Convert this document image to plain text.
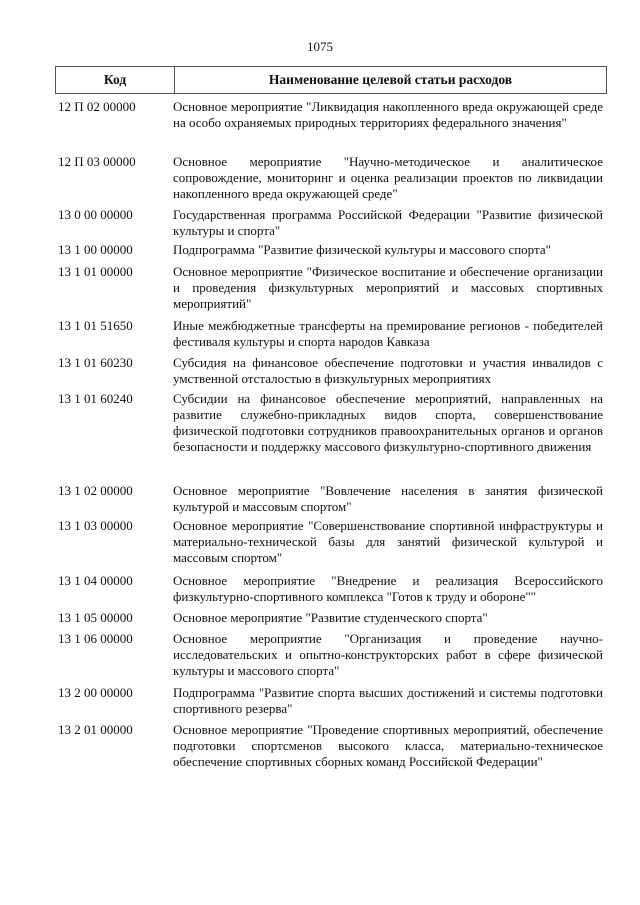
1075
Код	Наименование целевой статьи расходов
12 П 02 00000	Основное мероприятие "Ликвидация накопленного вреда окружающей среде на особо охраняемых природных территориях федерального значения"
12 П 03 00000	Основное мероприятие "Научно-методическое и аналитическое сопровождение, мониторинг и оценка реализации проектов по ликвидации накопленного вреда окружающей среде"
13 0 00 00000	Государственная программа Российской Федерации "Развитие физической культуры и спорта"
13 1 00 00000	Подпрограмма "Развитие физической культуры и массового спорта"
13 1 01 00000	Основное мероприятие "Физическое воспитание и обеспечение организации и проведения физкультурных мероприятий и массовых спортивных мероприятий"
13 1 01 51650	Иные межбюджетные трансферты на премирование регионов - победителей фестиваля культуры и спорта народов Кавказа
13 1 01 60230	Субсидия на финансовое обеспечение подготовки и участия инвалидов с умственной отсталостью в физкультурных мероприятиях
13 1 01 60240	Субсидии на финансовое обеспечение мероприятий, направленных на развитие служебно-прикладных видов спорта, совершенствование физической подготовки сотрудников правоохранительных органов и органов безопасности и поддержку массового физкультурно-спортивного движения
13 1 02 00000	Основное мероприятие "Вовлечение населения в занятия физической культурой и массовым спортом"
13 1 03 00000	Основное мероприятие "Совершенствование спортивной инфраструктуры и материально-технической базы для занятий физической культурой и массовым спортом"
13 1 04 00000	Основное мероприятие "Внедрение и реализация Всероссийского физкультурно-спортивного комплекса "Готов к труду и обороне""
13 1 05 00000	Основное мероприятие "Развитие студенческого спорта"
13 1 06 00000	Основное мероприятие "Организация и проведение научно-исследовательских и опытно-конструкторских работ в сфере физической культуры и массового спорта"
13 2 00 00000	Подпрограмма "Развитие спорта высших достижений и системы подготовки спортивного резерва"
13 2 01 00000	Основное мероприятие "Проведение спортивных мероприятий, обеспечение подготовки спортсменов высокого класса, материально-техническое обеспечение спортивных сборных команд Российской Федерации"
